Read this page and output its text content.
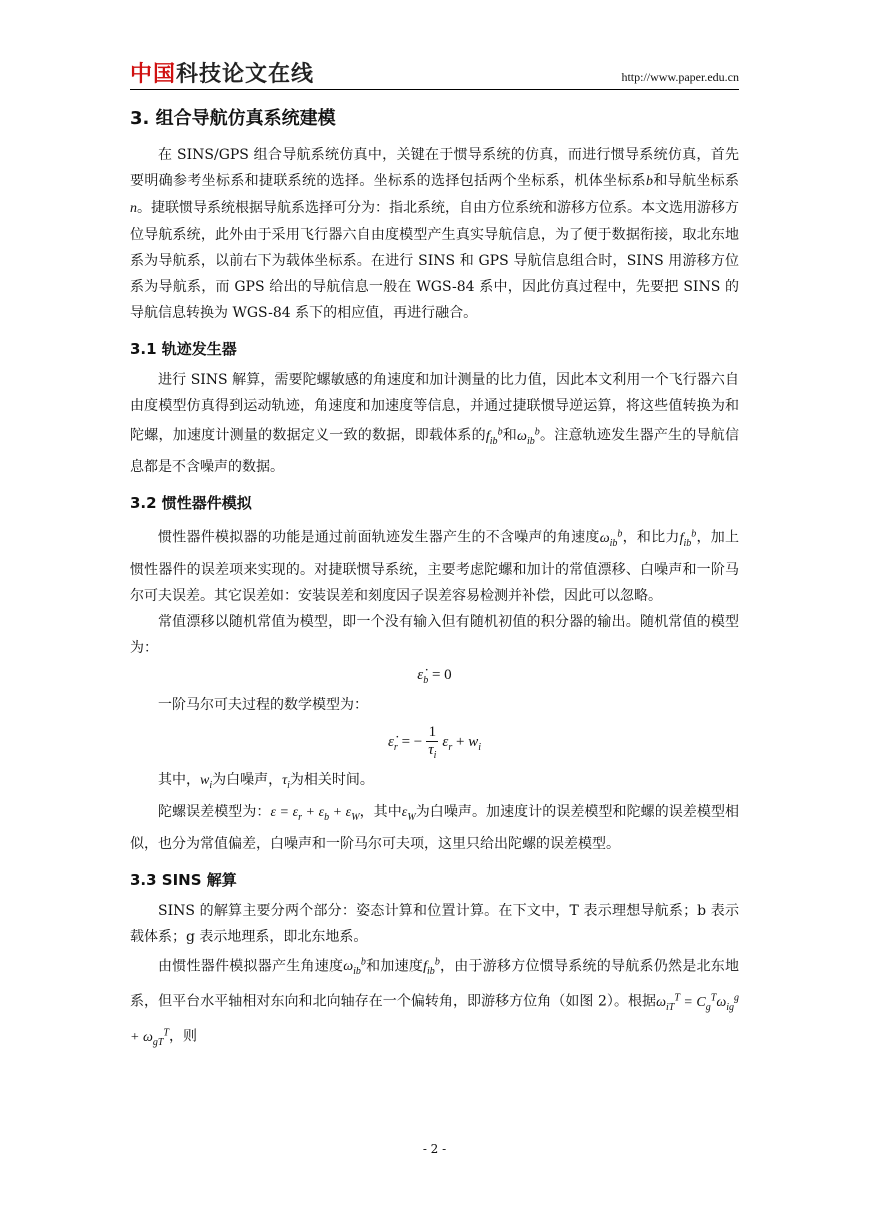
中国科技论文在线	http://www.paper.edu.cn
3. 组合导航仿真系统建模

在 SINS/GPS 组合导航系统仿真中，关键在于惯导系统的仿真，而进行惯导系统仿真，首先要明确参考坐标系和捷联系统的选择。坐标系的选择包括两个坐标系，机体坐标系b和导航坐标系n。捷联惯导系统根据导航系选择可分为：指北系统，自由方位系统和游移方位系。本文选用游移方位导航系统，此外由于采用飞行器六自由度模型产生真实导航信息，为了便于数据衔接，取北东地系为导航系，以前右下为载体坐标系。在进行 SINS 和 GPS 导航信息组合时，SINS 用游移方位系为导航系，而 GPS 给出的导航信息一般在 WGS-84 系中，因此仿真过程中，先要把 SINS 的导航信息转换为 WGS-84 系下的相应值，再进行融合。

3.1 轨迹发生器

进行 SINS 解算，需要陀螺敏感的角速度和加计测量的比力值，因此本文利用一个飞行器六自由度模型仿真得到运动轨迹，角速度和加速度等信息，并通过捷联惯导逆运算，将这些值转换为和陀螺，加速度计测量的数据定义一致的数据，即载体系的$f_{ib}^b$和$\omega_{ib}^b$。注意轨迹发生器产生的导航信息都是不含噪声的数据。

3.2 惯性器件模拟

惯性器件模拟器的功能是通过前面轨迹发生器产生的不含噪声的角速度$\omega_{ib}^b$，和比力$f_{ib}^b$，加上惯性器件的误差项来实现的。对捷联惯导系统，主要考虑陀螺和加计的常值漂移、白噪声和一阶马尔可夫误差。其它误差如：安装误差和刻度因子误差容易检测并补偿，因此可以忽略。

常值漂移以随机常值为模型，即一个没有输入但有随机初值的积分器的输出。随机常值的模型为：

$\varepsiloṅ_b = 0$

一阶马尔可夫过程的数学模型为：

$\varepsiloṅ_r$ = − $\frac{1}{\tau_i} \varepsilon_r + w_i$

其中，$w_i$为白噪声，$\tau_i$为相关时间。

陀螺误差模型为：$\varepsilon = \varepsilon_r + \varepsilon_b + \varepsilon_W$，其中$\varepsilon_W$为白噪声。加速度计的误差模型和陀螺的误差模型相似，也分为常值偏差，白噪声和一阶马尔可夫项，这里只给出陀螺的误差模型。

3.3 SINS 解算

SINS 的解算主要分两个部分：姿态计算和位置计算。在下文中，T 表示理想导航系；b 表示载体系；g 表示地理系，即北东地系。

由惯性器件模拟器产生角速度$\omega_{ib}^b$和加速度$f_{ib}^b$，由于游移方位惯导系统的导航系仍然是北东地系，但平台水平轴相对东向和北向轴存在一个偏转角，即游移方位角（如图 2）。根据$\omega_{iT}^T = C_g^T\omega_{ig}^g + \omega_{gT}^T$，则

- 2 -
